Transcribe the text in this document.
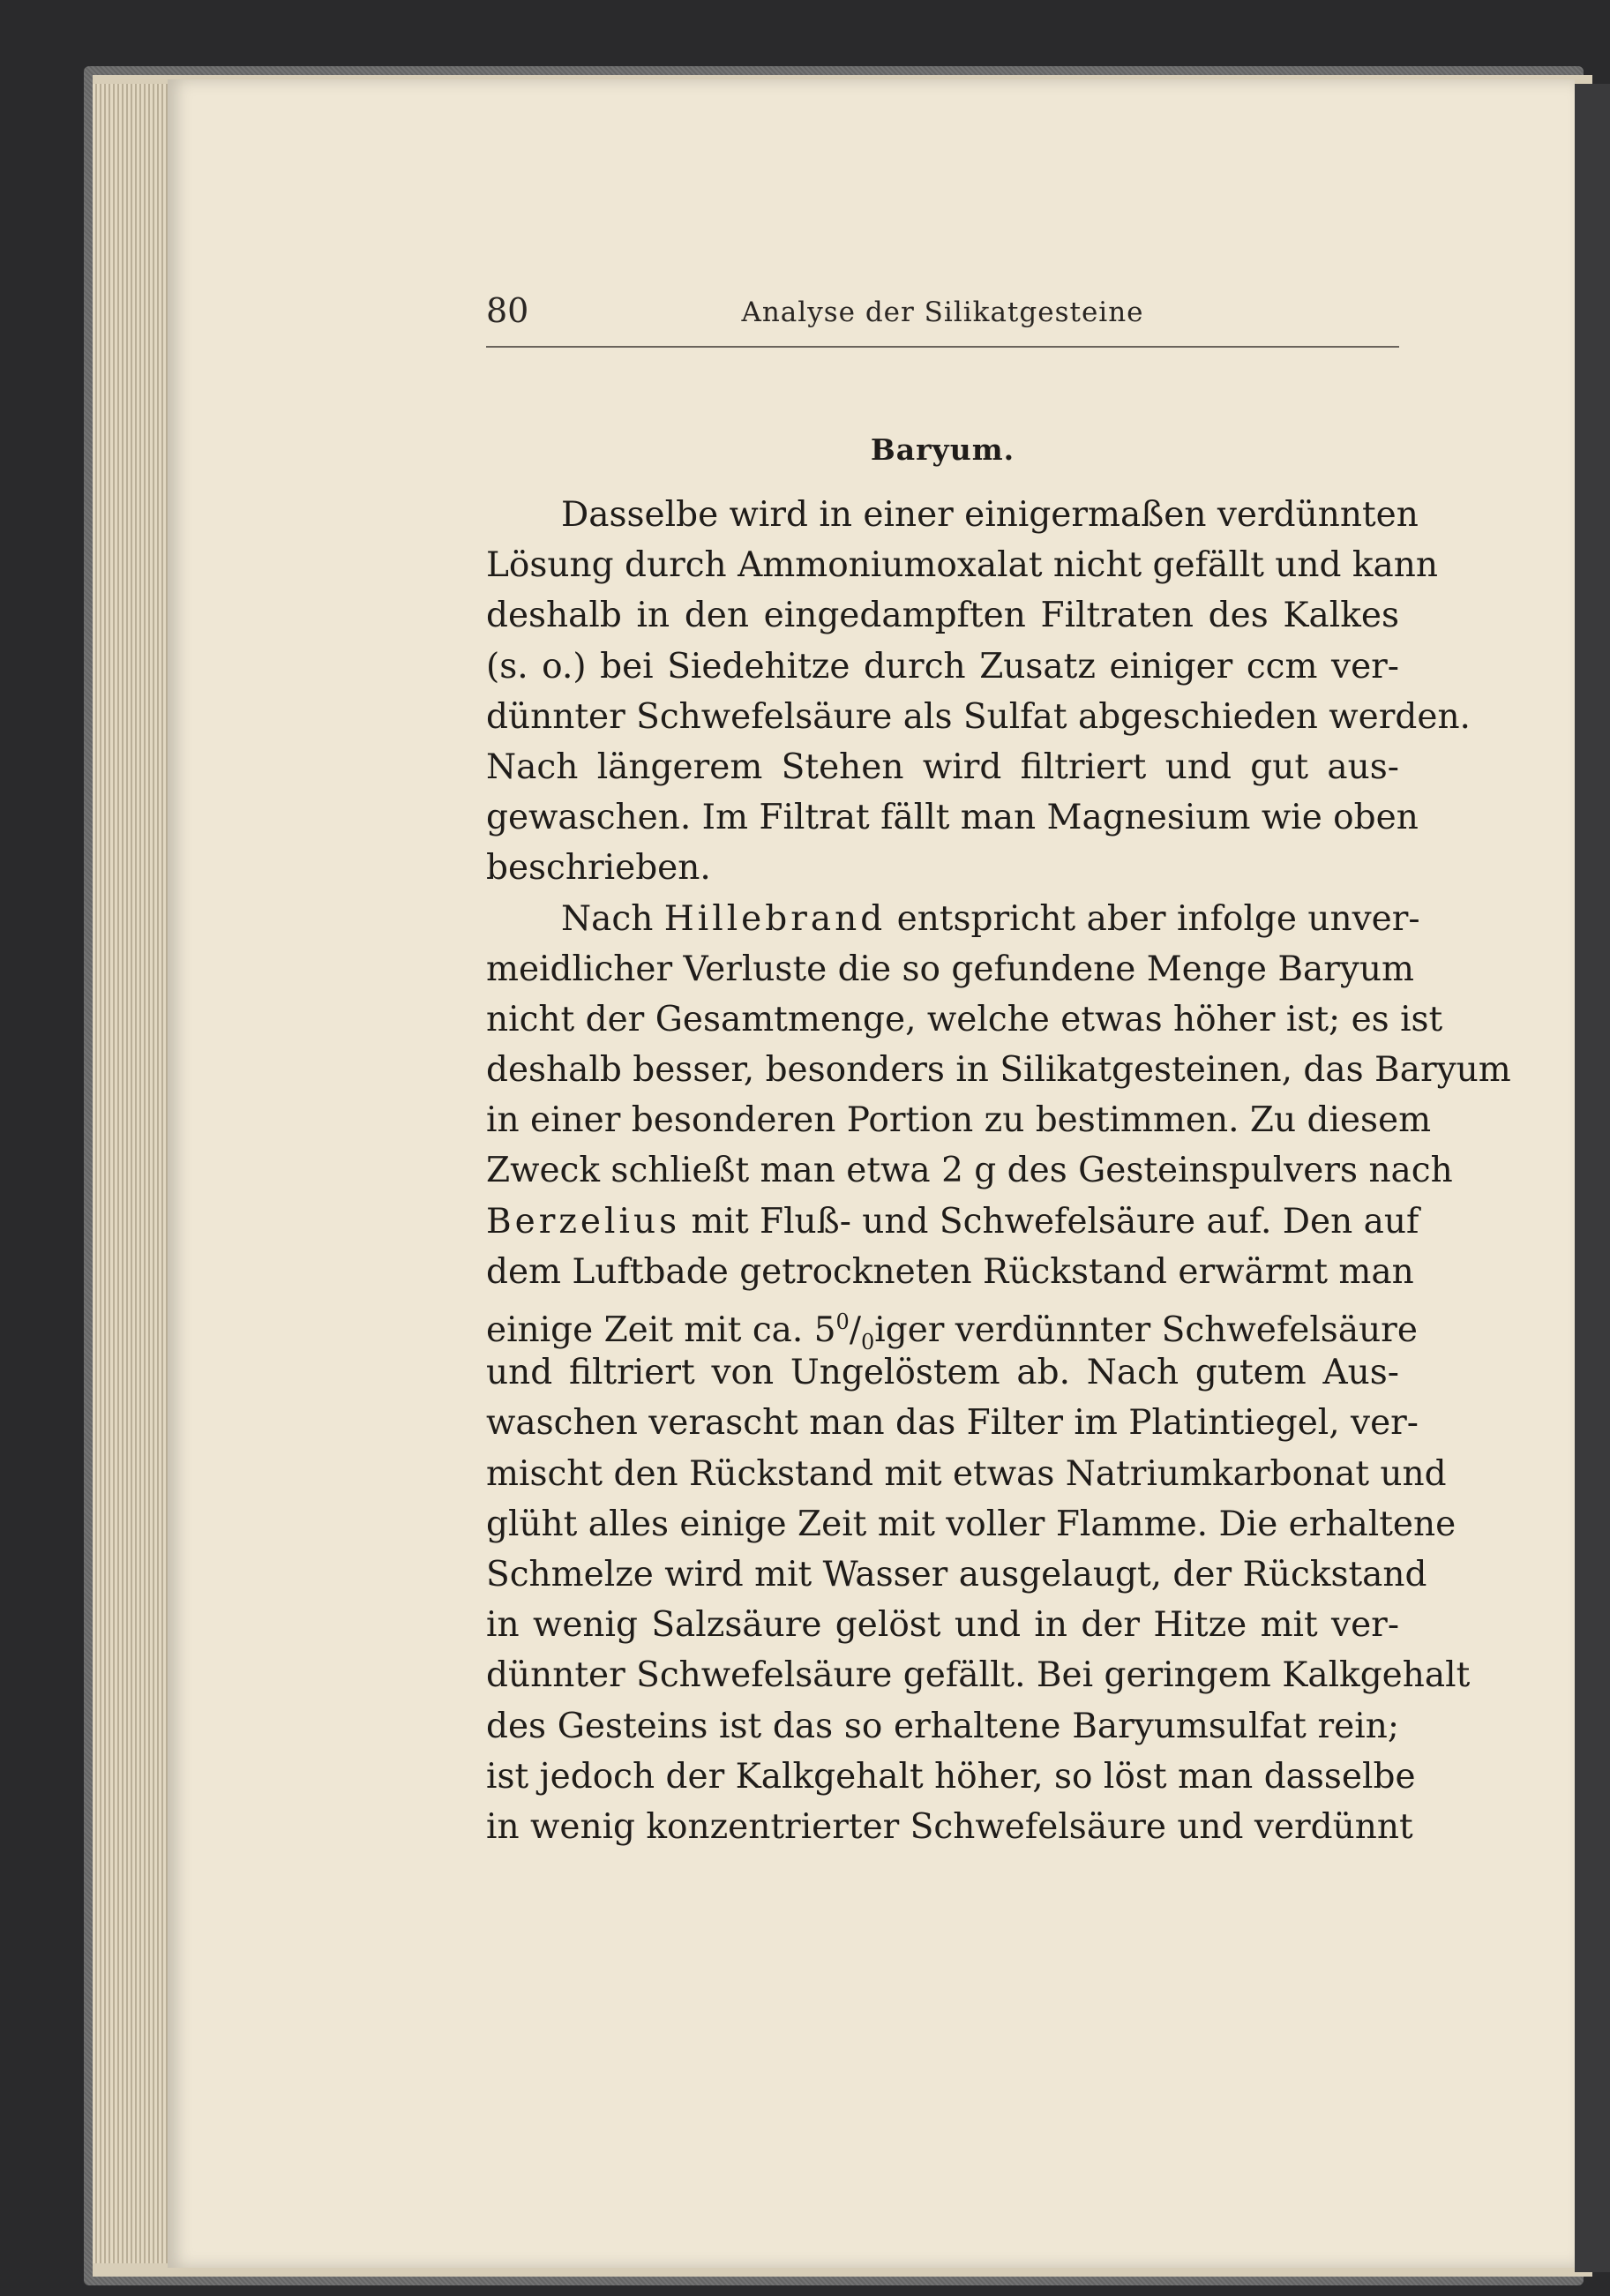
80	Analyse der Silikatgesteine
Baryum.
Dasselbe wird in einer einigermaßen verdünnten
Lösung durch Ammoniumoxalat nicht gefällt und kann
deshalb in den eingedampften Filtraten des Kalkes
(s. o.) bei Siedehitze durch Zusatz einiger ccm ver-
dünnter Schwefelsäure als Sulfat abgeschieden werden.
Nach längerem Stehen wird filtriert und gut aus-
gewaschen. Im Filtrat fällt man Magnesium wie oben
beschrieben.
Nach Hillebrand entspricht aber infolge unver-
meidlicher Verluste die so gefundene Menge Baryum
nicht der Gesamtmenge, welche etwas höher ist; es ist
deshalb besser, besonders in Silikatgesteinen, das Baryum
in einer besonderen Portion zu bestimmen. Zu diesem
Zweck schließt man etwa 2 g des Gesteinspulvers nach
Berzelius mit Fluß- und Schwefelsäure auf. Den auf
dem Luftbade getrockneten Rückstand erwärmt man
einige Zeit mit ca. $5^0/_0iger$ verdünnter Schwefelsäure
und filtriert von Ungelöstem ab. Nach gutem Aus-
waschen verascht man das Filter im Platintiegel, ver-
mischt den Rückstand mit etwas Natriumkarbonat und
glüht alles einige Zeit mit voller Flamme. Die erhaltene
Schmelze wird mit Wasser ausgelaugt, der Rückstand
in wenig Salzsäure gelöst und in der Hitze mit ver-
dünnter Schwefelsäure gefällt. Bei geringem Kalkgehalt
des Gesteins ist das so erhaltene Baryumsulfat rein;
ist jedoch der Kalkgehalt höher, so löst man dasselbe
in wenig konzentrierter Schwefelsäure und verdünnt
